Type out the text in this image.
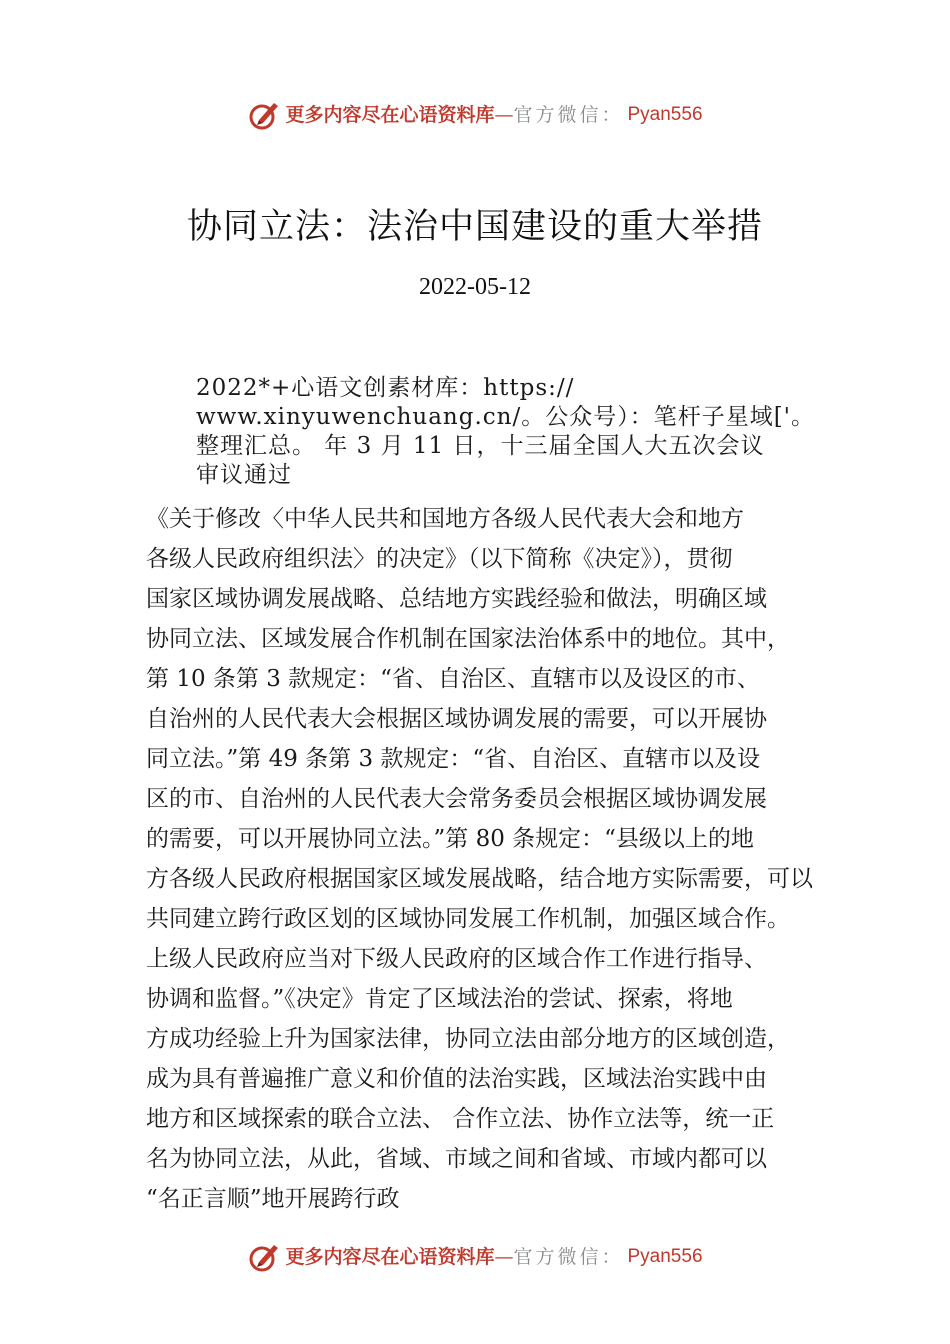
更多内容尽在心语资料库 — 官方微信： Pyan556
协同立法：法治中国建设的重大举措
2022-05-12
2022*+心语文创素材库：https://
www.xinyuwenchuang.cn/。公众号）：笔杆子星域['。
整理汇总。 年 3 月 11 日，十三届全国人大五次会议
审议通过
《关于修改〈中华人民共和国地方各级人民代表大会和地方
各级人民政府组织法〉的决定》（以下简称《决定》），贯彻
国家区域协调发展战略、总结地方实践经验和做法，明确区域
协同立法、区域发展合作机制在国家法治体系中的地位。其中，
第 10 条第 3 款规定：“省、自治区、直辖市以及设区的市、
自治州的人民代表大会根据区域协调发展的需要，可以开展协
同立法。”第 49 条第 3 款规定：“省、自治区、直辖市以及设
区的市、自治州的人民代表大会常务委员会根据区域协调发展
的需要，可以开展协同立法。”第 80 条规定：“县级以上的地
方各级人民政府根据国家区域发展战略，结合地方实际需要，可以
共同建立跨行政区划的区域协同发展工作机制，加强区域合作。
上级人民政府应当对下级人民政府的区域合作工作进行指导、
协调和监督。”《决定》肯定了区域法治的尝试、探索，将地
方成功经验上升为国家法律，协同立法由部分地方的区域创造，
成为具有普遍推广意义和价值的法治实践，区域法治实践中由
地方和区域探索的联合立法、 合作立法、协作立法等，统一正
名为协同立法，从此，省域、市域之间和省域、市域内都可以
“名正言顺”地开展跨行政
更多内容尽在心语资料库 — 官方微信： Pyan556
